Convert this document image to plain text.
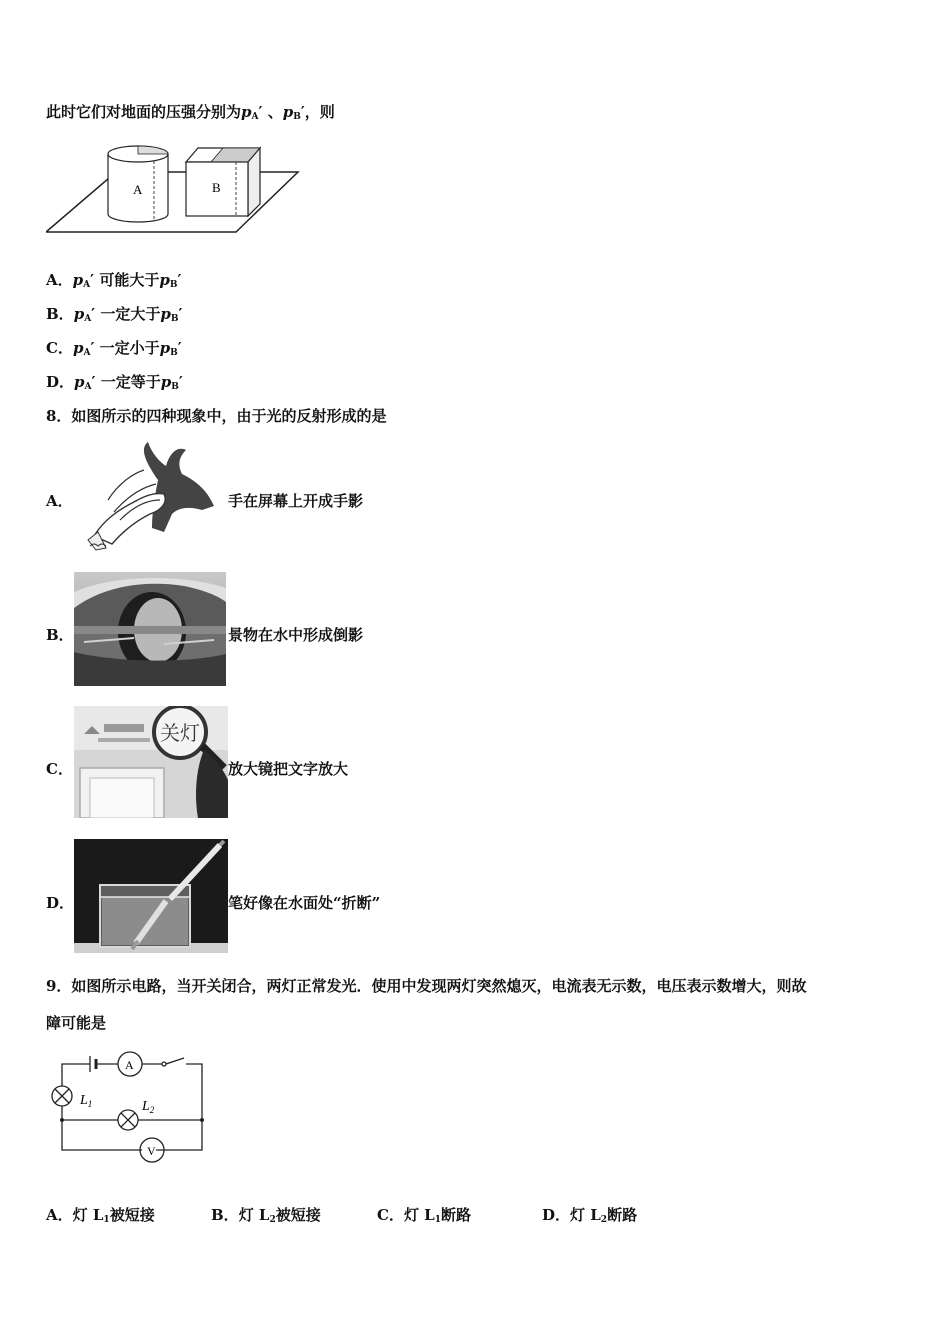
此时它们对地面的压强分别为$p_A'$ 、$p_B'$，则
A	B
A．$p_A'$ 可能大于$p_B'$
B．$p_A'$ 一定大于$p_B'$
C．$p_A'$ 一定小于$p_B'$
D．$p_A'$ 一定等于$p_B'$
8．如图所示的四种现象中，由于光的反射形成的是
A．	手在屏幕上开成手影
B．	景物在水中形成倒影
C．
关灯
放大镜把文字放大
D．	笔好像在水面处“折断”
9．如图所示电路，当开关闭合，两灯正常发光．使用中发现两灯突然熄灭，电流表无示数，电压表示数增大，则故
障可能是
A
V
$L_1$	$L_2$
A．灯 $L_1$被短接	B．灯 $L_2$被短接	C．灯 $L_1$断路	D．灯 $L_2$断路
